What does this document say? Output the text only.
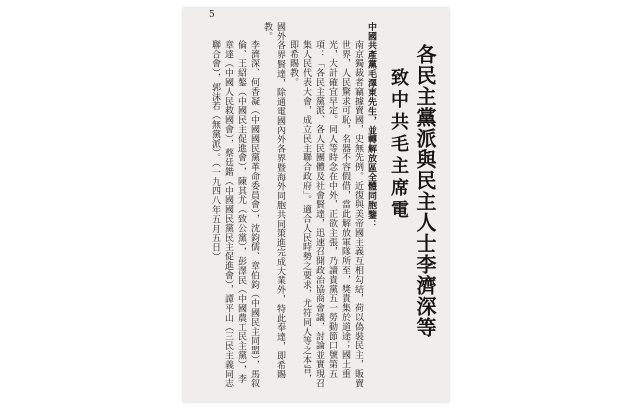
5
各民主黨派與民主人士李濟深等
致中共毛主席電

中國共產黨毛澤東先生，並轉解放區全體同胞鑒：

南京獨裁者竊據賣國，史無先例。近復與美帝國主義互相勾結，荷以偽裝民主，販賣世界，人民驚求可恥，名器不容假借，當此解放軍隊所至，獎貴集於道途；國土重光，大計確宜早定。同人等時念在中外，正欲主張，乃讀貴黨五一勞動節口號第五項：「各民主黨派、各人民團體及社會賢達，迅速召開政治協商會議，討論並實現召集人民代表大會，成立民主聯合政府」。適合人民時勢之要求，尤符同人等之本旨，即希賜教。

國外各界賢達，除通電國內外各界暨海外同胞共同策進完成大業外，特此奉達，即希賜教。

李濟深、何香凝（中國國民黨革命委員會），沈鈞儒、章伯鈞（中國民主同盟），馬叙倫、王紹鏊（中國民主促進會），陳其尤（致公黨），彭澤民（中國農工民主黨），李章達（中國人民救國會），蔡廷鍇（中國國民黨民主促進會），譚平山（三民主義同志聯合會），郭沫若（無黨派）。（一九四八年五月五日）
